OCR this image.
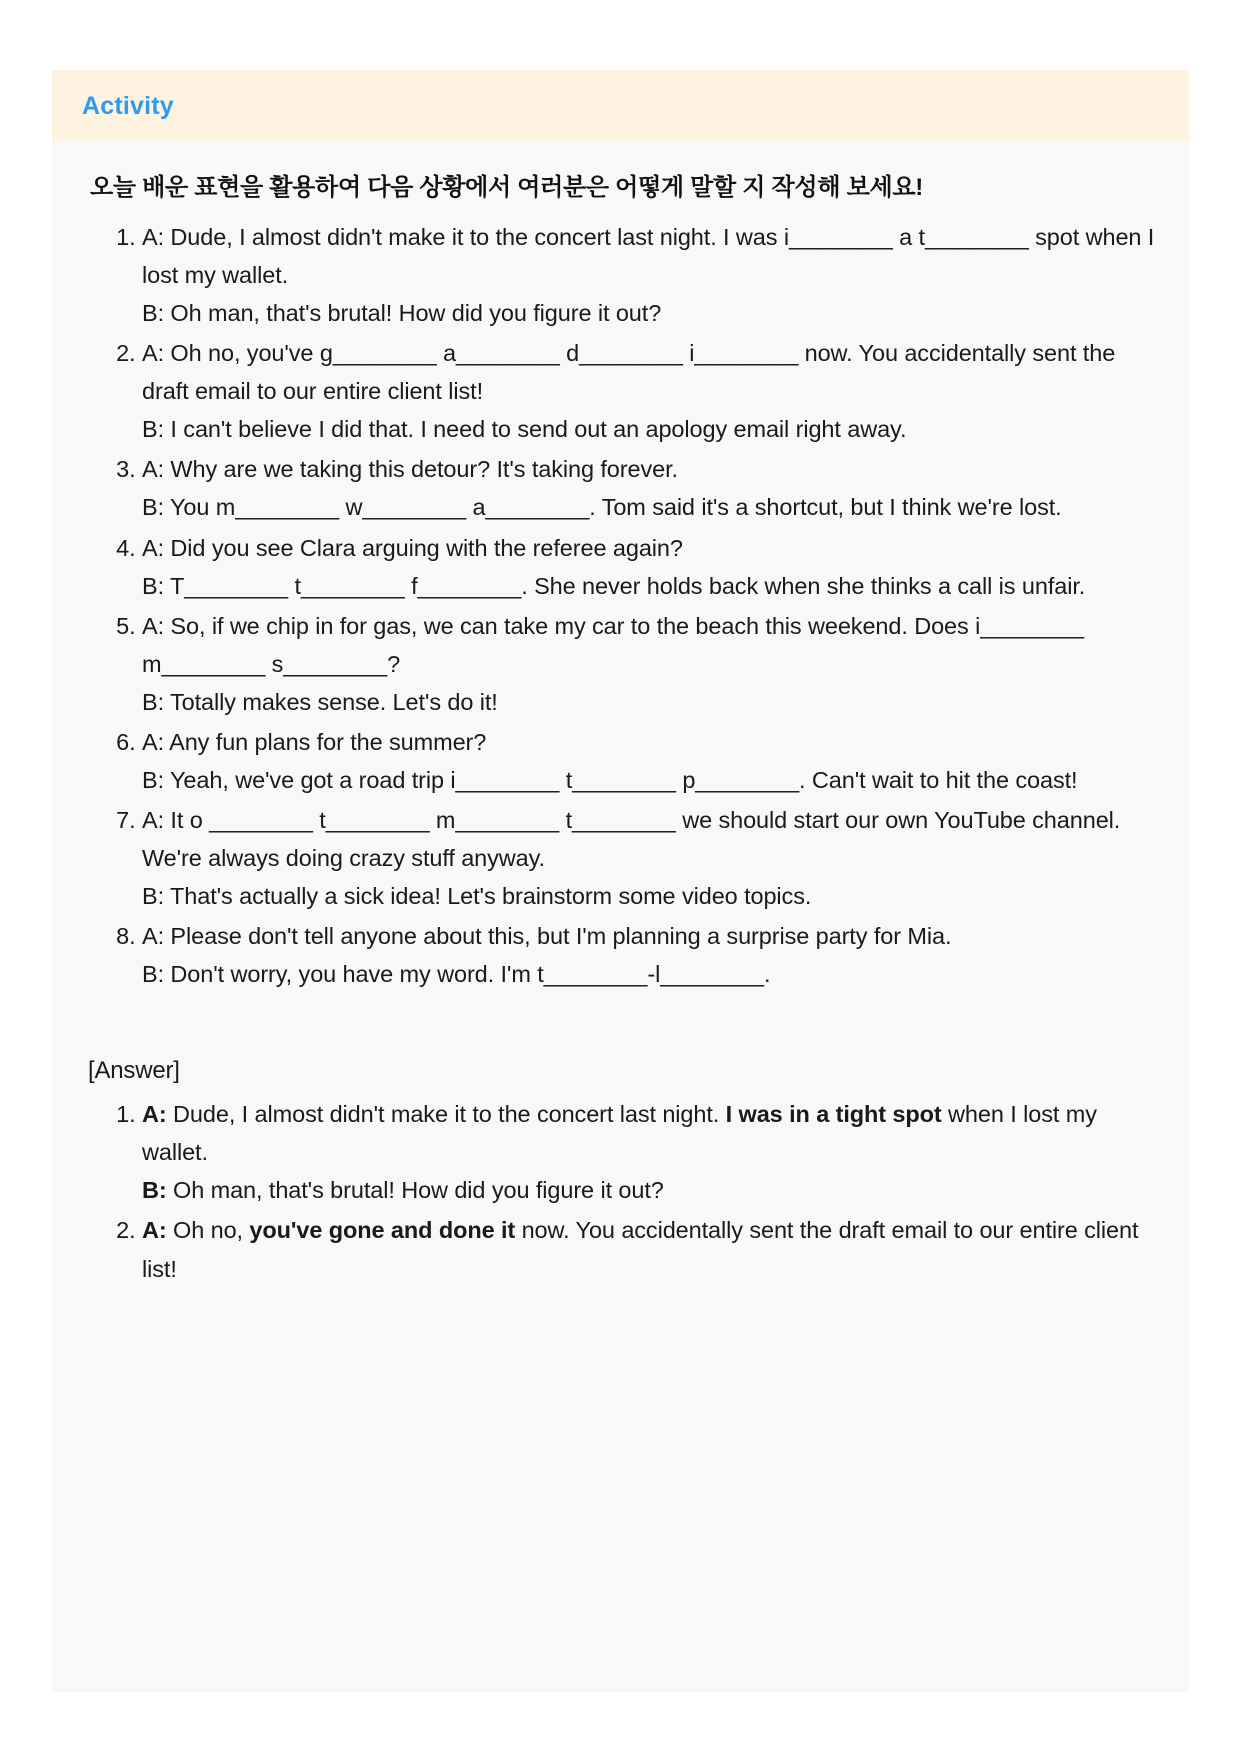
Activity
오늘 배운 표현을 활용하여 다음 상황에서 여러분은 어떻게 말할 지 작성해 보세요!
1. A: Dude, I almost didn't make it to the concert last night. I was i________ a t________ spot when I lost my wallet.
B: Oh man, that's brutal! How did you figure it out?
2. A: Oh no, you've g________ a________ d________ i________ now. You accidentally sent the draft email to our entire client list!
B: I can't believe I did that. I need to send out an apology email right away.
3. A: Why are we taking this detour? It's taking forever.
B: You m________ w________ a________. Tom said it's a shortcut, but I think we're lost.
4. A: Did you see Clara arguing with the referee again?
B: T________ t________ f________. She never holds back when she thinks a call is unfair.
5. A: So, if we chip in for gas, we can take my car to the beach this weekend. Does i________ m________ s________?
B: Totally makes sense. Let's do it!
6. A: Any fun plans for the summer?
B: Yeah, we've got a road trip i________ t________ p________. Can't wait to hit the coast!
7. A: It o ________ t________ m________ t________ we should start our own YouTube channel. We're always doing crazy stuff anyway.
B: That's actually a sick idea! Let's brainstorm some video topics.
8. A: Please don't tell anyone about this, but I'm planning a surprise party for Mia.
B: Don't worry, you have my word. I'm t________-l________.
[Answer]
1. A: Dude, I almost didn't make it to the concert last night. I was in a tight spot when I lost my wallet.
B: Oh man, that's brutal! How did you figure it out?
2. A: Oh no, you've gone and done it now. You accidentally sent the draft email to our entire client list!
